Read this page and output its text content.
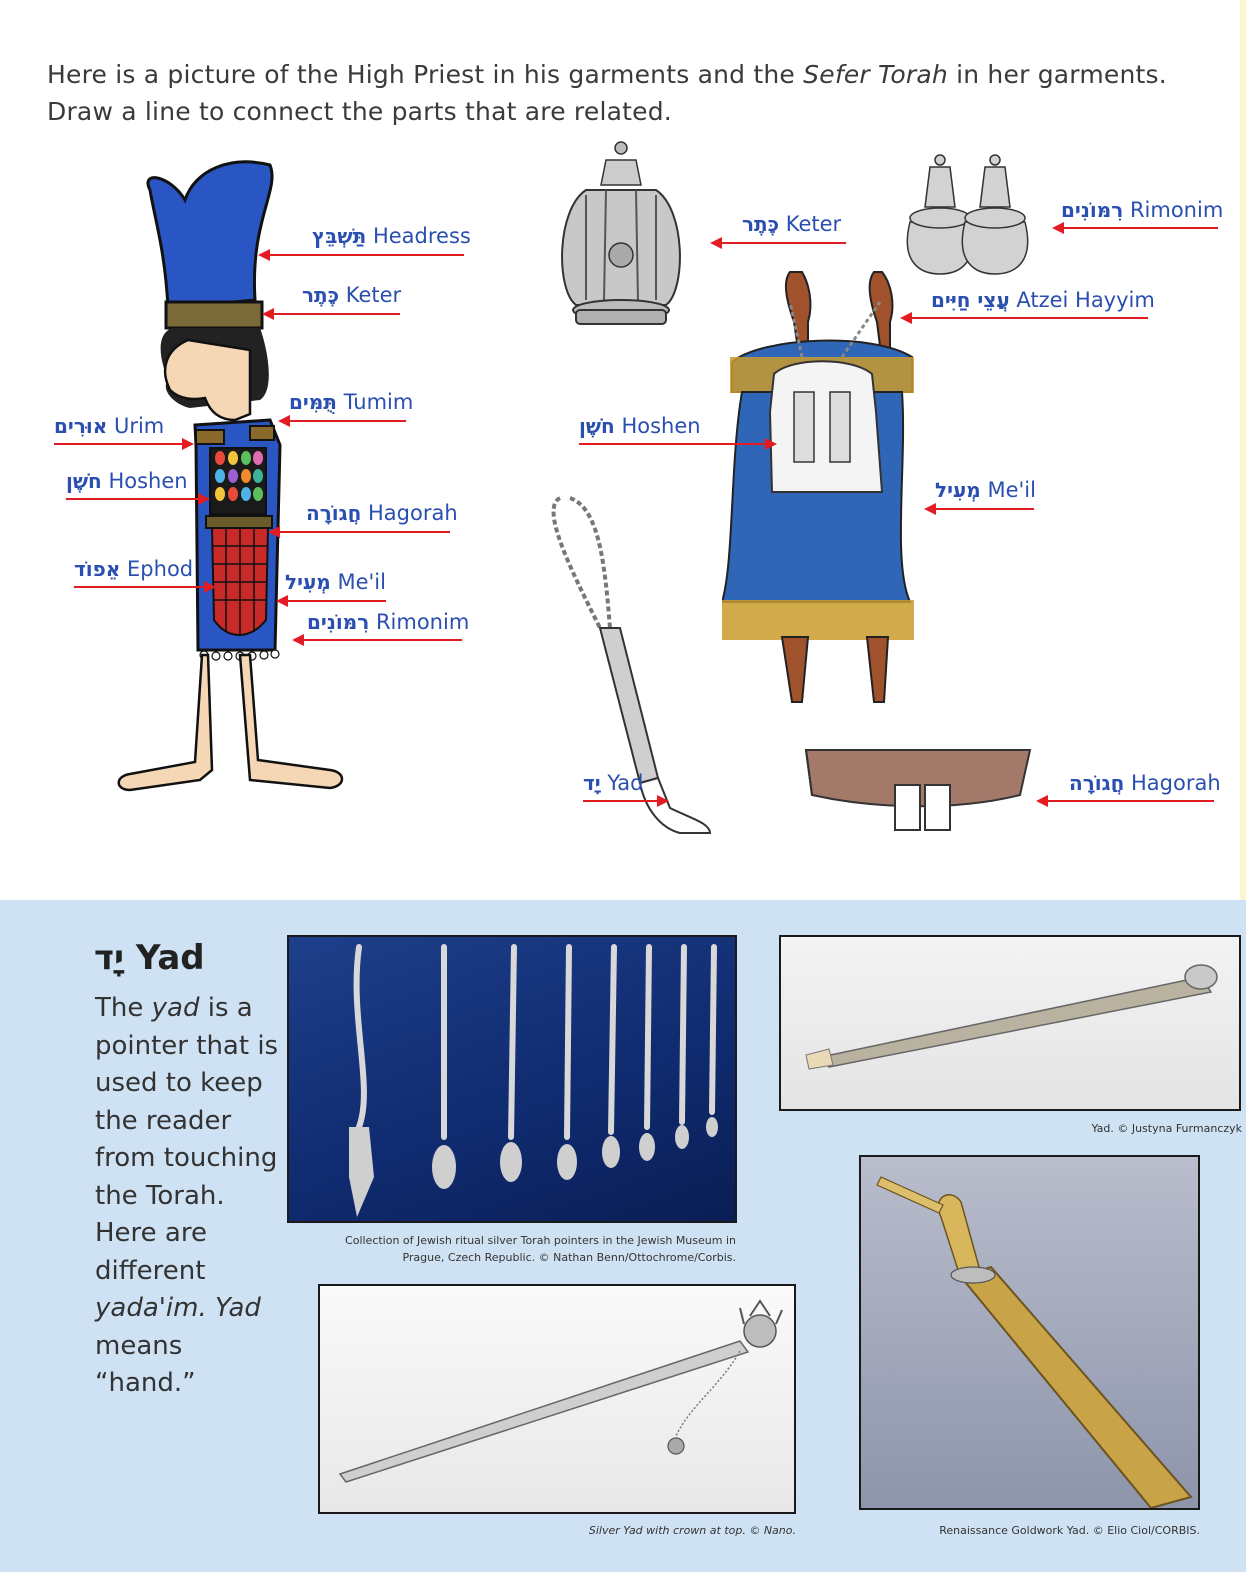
Here is a picture of the High Priest in his garments and the Sefer Torah in her garments.
Draw a line to connect the parts that are related.
תַּשְׁבֵּץ Headress
כֶּתֶר Keter
תֻּמִּים Tumim
אוּרִים Urim
חֹשֶׁן Hoshen
חֲגוֹרָה Hagorah
אֵפוֹד Ephod
מְעִיל Me'il
רִמּוֹנִים Rimonim
כֶּתֶר Keter
רִמּוֹנִים Rimonim
עֲצֵי חַיִּים Atzei Hayyim
חֹשֶׁן Hoshen
מְעִיל Me'il
יָד Yad	חֲגוֹרָה Hagorah
יָד Yad
The yad is a pointer that is used to keep the reader from touching the Torah. Here are different yada'im. Yad means “hand.”
Collection of Jewish ritual silver Torah pointers in the Jewish Museum in Prague, Czech Republic. © Nathan Benn/Ottochrome/Corbis.
Yad. © Justyna Furmanczyk
Silver Yad with crown at top. © Nano.	Renaissance Goldwork Yad. © Elio Ciol/CORBIS.
